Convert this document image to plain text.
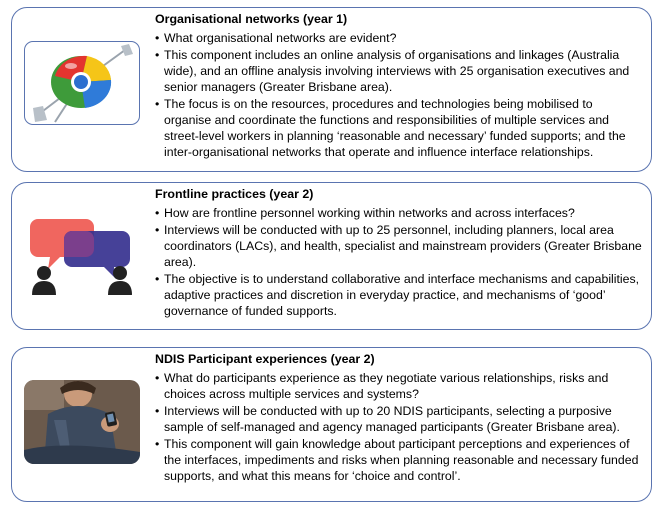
Organisational networks (year 1)
• What organisational networks are evident?
• This component includes an online analysis of organisations and linkages (Australia wide), and an offline analysis involving interviews with 25 organisation executives and senior managers (Greater Brisbane area).
• The focus is on the resources, procedures and technologies being mobilised to organise and coordinate the functions and responsibilities of multiple services and street-level workers in planning ‘reasonable and necessary’ funded supports; and the inter-organisational networks that operate and influence interface relationships.
Frontline practices (year 2)
• How are frontline personnel working within networks and across interfaces?
• Interviews will be conducted with up to 25 personnel, including planners, local area coordinators (LACs), and health, specialist and mainstream providers (Greater Brisbane area).
• The objective is to understand collaborative and interface mechanisms and capabilities, adaptive practices and discretion in everyday practice, and mechanisms of ‘good’ governance of funded supports.
NDIS Participant experiences (year 2)
• What do participants experience as they negotiate various relationships, risks and choices across multiple services and systems?
• Interviews will be conducted with up to 20 NDIS participants, selecting a purposive sample of self-managed and agency managed participants (Greater Brisbane area).
• This component will gain knowledge about participant perceptions and experiences of the interfaces, impediments and risks when planning reasonable and necessary funded supports, and what this means for ‘choice and control’.
